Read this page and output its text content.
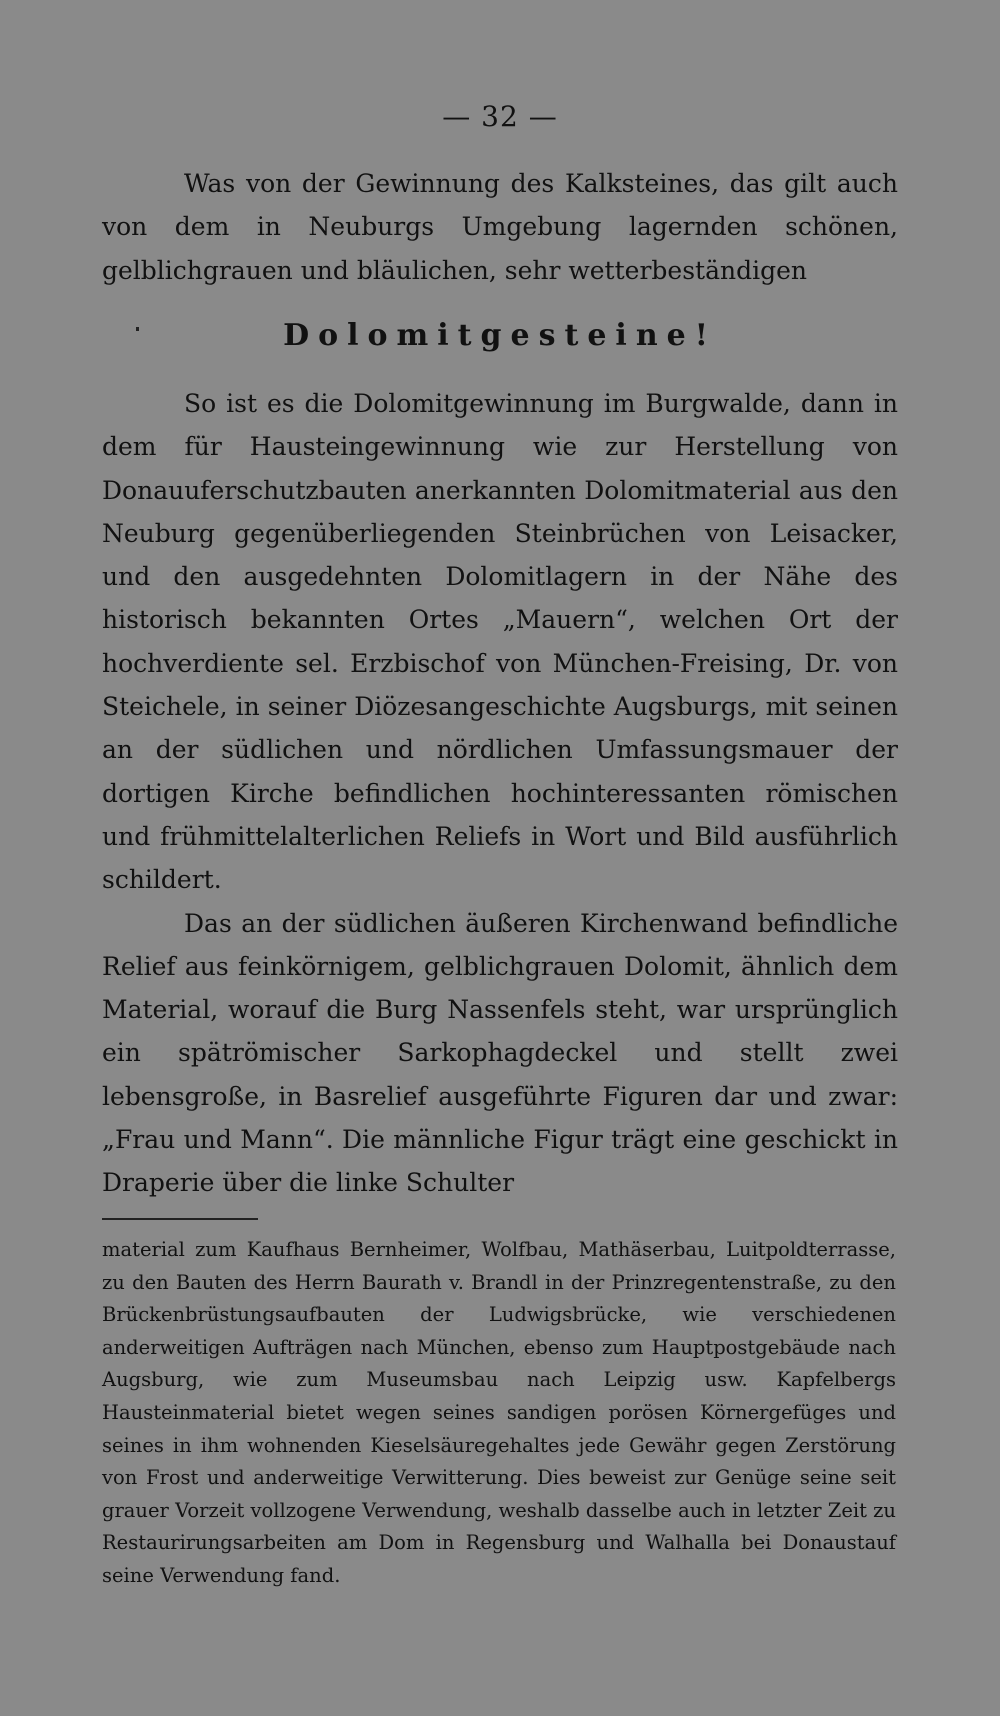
— 32 —

Was von der Gewinnung des Kalksteines, das gilt auch von dem in Neuburgs Umgebung lagernden schönen, gelblichgrauen und bläulichen, sehr wetterbeständigen

Dolomitgesteine!

So ist es die Dolomitgewinnung im Burgwalde, dann in dem für Hausteingewinnung wie zur Herstellung von Donauuferschutzbauten anerkannten Dolomitmaterial aus den Neuburg gegenüberliegenden Steinbrüchen von Leisacker, und den ausgedehnten Dolomitlagern in der Nähe des historisch bekannten Ortes „Mauern“, welchen Ort der hochverdiente sel. Erzbischof von München-Freising, Dr. von Steichele, in seiner Diözesangeschichte Augsburgs, mit seinen an der südlichen und nördlichen Umfassungsmauer der dortigen Kirche befindlichen hochinteressanten römischen und frühmittelalterlichen Reliefs in Wort und Bild ausführlich schildert.

Das an der südlichen äußeren Kirchenwand befindliche Relief aus feinkörnigem, gelblichgrauen Dolomit, ähnlich dem Material, worauf die Burg Nassenfels steht, war ursprünglich ein spätrömischer Sarkophagdeckel und stellt zwei lebensgroße, in Basrelief ausgeführte Figuren dar und zwar: „Frau und Mann“. Die männliche Figur trägt eine geschickt in Draperie über die linke Schulter

material zum Kaufhaus Bernheimer, Wolfbau, Mathäserbau, Luitpoldterrasse, zu den Bauten des Herrn Baurath v. Brandl in der Prinzregentenstraße, zu den Brückenbrüstungsaufbauten der Ludwigsbrücke, wie verschiedenen anderweitigen Aufträgen nach München, ebenso zum Hauptpostgebäude nach Augsburg, wie zum Museumsbau nach Leipzig usw. Kapfelbergs Hausteinmaterial bietet wegen seines sandigen porösen Körnergefüges und seines in ihm wohnenden Kieselsäuregehaltes jede Gewähr gegen Zerstörung von Frost und anderweitige Verwitterung. Dies beweist zur Genüge seine seit grauer Vorzeit vollzogene Verwendung, weshalb dasselbe auch in letzter Zeit zu Restaurirungsarbeiten am Dom in Regensburg und Walhalla bei Donaustauf seine Verwendung fand.
